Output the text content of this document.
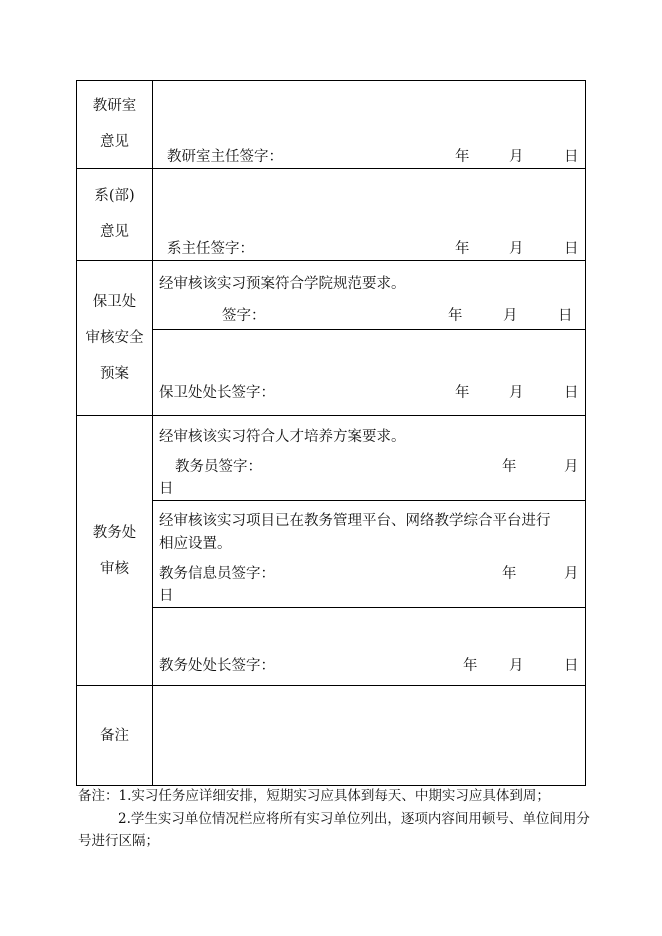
教研室
意见
教研室主任签字：	年	月	日
系(部)
意见
系主任签字：	年	月	日
保卫处
审核安全
预案
经审核该实习预案符合学院规范要求。
签字：	年	月	日
保卫处处长签字：	年	月	日
教务处
审核
经审核该实习符合人才培养方案要求。
教务员签字：	年	月
日
经审核该实习项目已在教务管理平台、网络教学综合平台进行
相应设置。
教务信息员签字：	年	月
日
教务处处长签字：	年 月	日
备注
备注：1.实习任务应详细安排，短期实习应具体到每天、中期实习应具体到周；
2.学生实习单位情况栏应将所有实习单位列出，逐项内容间用顿号、单位间用分
号进行区隔；
